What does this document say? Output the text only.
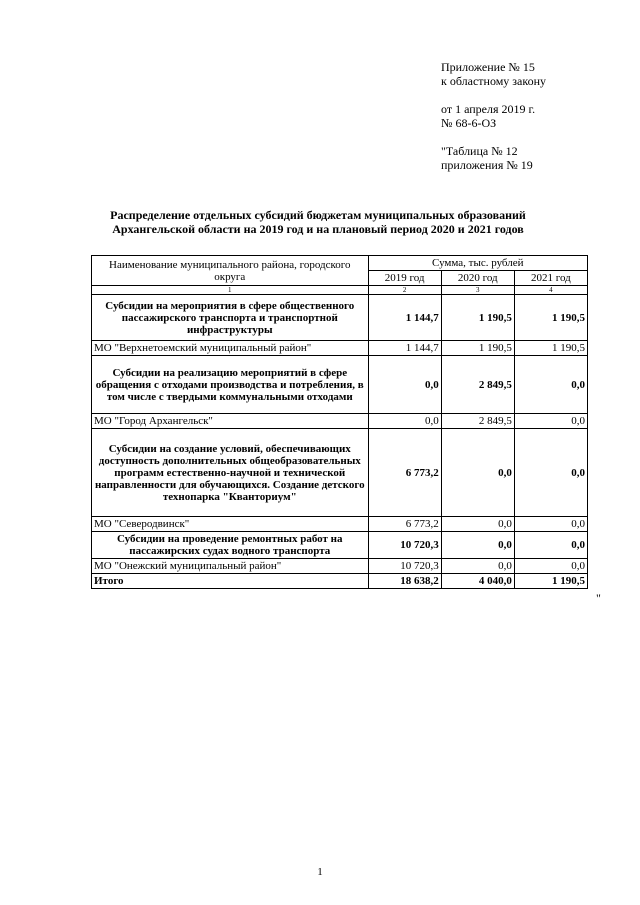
Приложение № 15
к областному закону
от 1 апреля 2019 г.
№ 68-6-ОЗ
"Таблица № 12
приложения № 19
Распределение отдельных субсидий бюджетам муниципальных образований
Архангельской области на 2019 год и на плановый период 2020 и 2021 годов
Наименование муниципального района, городского округа	Сумма, тыс. рублей		
	2019 год	2020 год	2021 год
1	2	3	4
Субсидии на мероприятия в сфере общественного пассажирского транспорта и транспортной инфраструктуры	1 144,7	1 190,5	1 190,5
МО "Верхнетоемский муниципальный район"	1 144,7	1 190,5	1 190,5
Субсидии на реализацию мероприятий в сфере обращения с отходами производства и потребления, в том числе с твердыми коммунальными отходами	0,0	2 849,5	0,0
МО "Город Архангельск"	0,0	2 849,5	0,0
Субсидии на создание условий, обеспечивающих доступность дополнительных общеобразовательных программ естественно-научной и технической направленности для обучающихся. Создание детского технопарка "Кванториум"	6 773,2	0,0	0,0
МО "Северодвинск"	6 773,2	0,0	0,0
Субсидии на проведение ремонтных работ на пассажирских судах водного транспорта	10 720,3	0,0	0,0
МО "Онежский муниципальный район"	10 720,3	0,0	0,0
Итого	18 638,2	4 040,0	1 190,5
"
1
